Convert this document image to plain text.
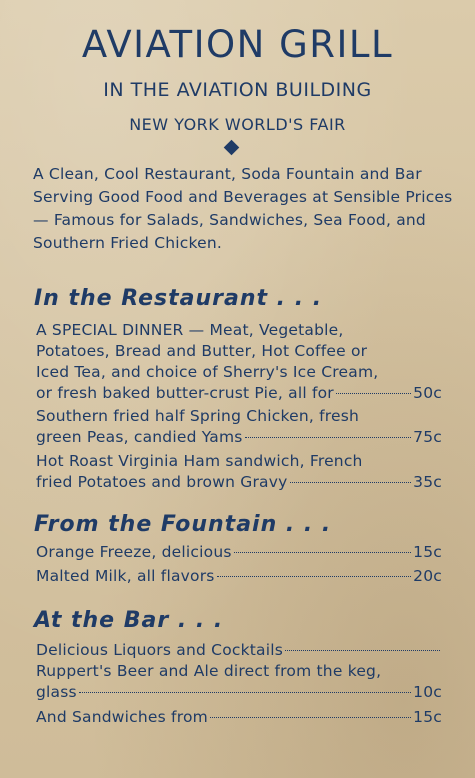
AVIATION GRILL
IN THE AVIATION BUILDING
NEW YORK WORLD'S FAIR
A Clean, Cool Restaurant, Soda Fountain and Bar Serving Good Food and Beverages at Sensible Prices — Famous for Salads, Sandwiches, Sea Food, and Southern Fried Chicken.
In the Restaurant . . .
A SPECIAL DINNER — Meat, Vegetable,
Potatoes, Bread and Butter, Hot Coffee or
Iced Tea, and choice of Sherry's Ice Cream,
or fresh baked butter-crust Pie, all for	50c
Southern fried half Spring Chicken, fresh
green Peas, candied Yams	75c
Hot Roast Virginia Ham sandwich, French
fried Potatoes and brown Gravy	35c
From the Fountain . . .
Orange Freeze, delicious	15c
Malted Milk, all flavors	20c
At the Bar . . .
Delicious Liquors and Cocktails
Ruppert's Beer and Ale direct from the keg,
glass	10c
And Sandwiches from	15c
